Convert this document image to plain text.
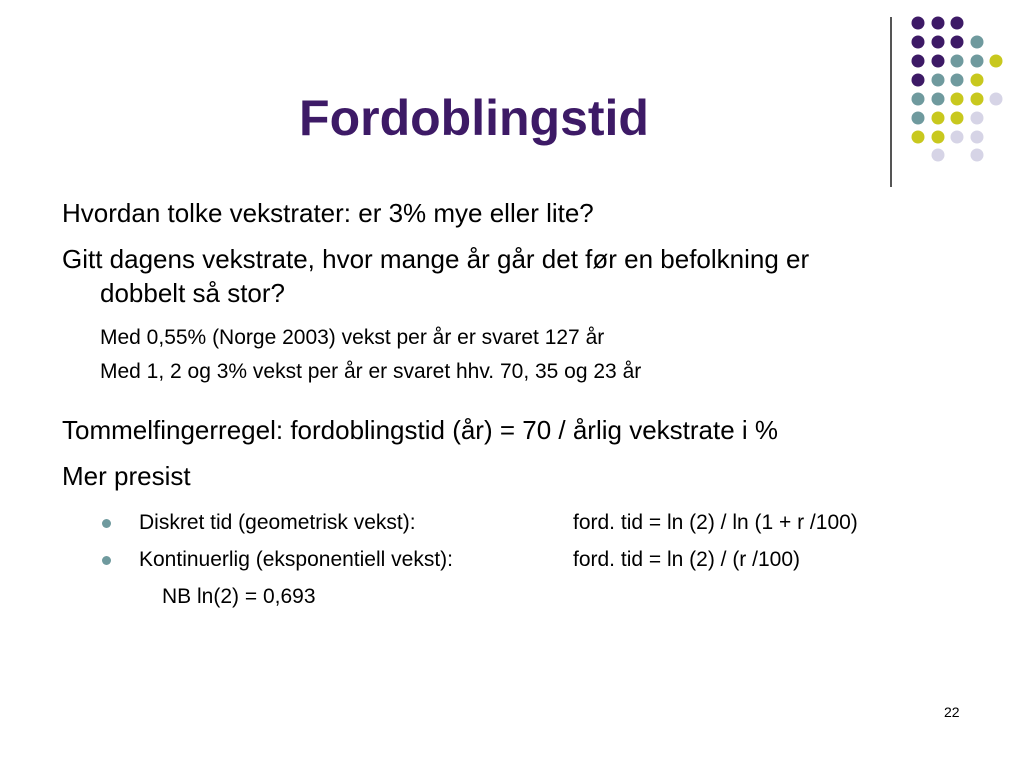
Fordoblingstid
Hvordan tolke vekstrater: er 3% mye eller lite?
Gitt dagens vekstrate, hvor mange år går det før en befolkning er
dobbelt så stor?
Med 0,55% (Norge 2003) vekst per år er svaret 127 år
Med 1, 2 og 3% vekst per år er svaret hhv. 70, 35 og 23 år
Tommelfingerregel: fordoblingstid (år) = 70 / årlig vekstrate i %
Mer presist
Diskret tid (geometrisk vekst):	ford. tid = ln (2) / ln (1 + r /100)
Kontinuerlig (eksponentiell vekst):	ford. tid = ln (2) / (r /100)
NB ln(2) = 0,693
22
